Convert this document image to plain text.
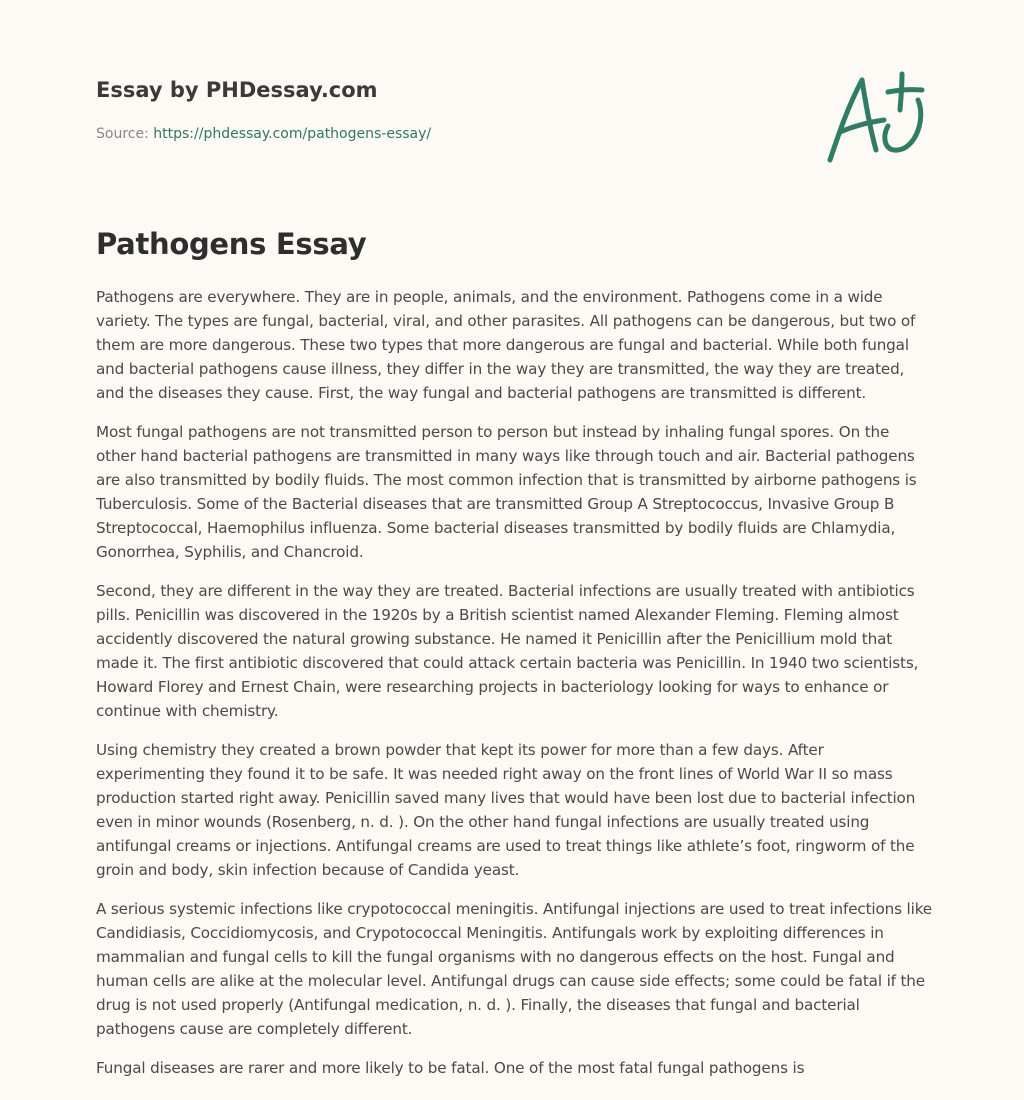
Essay by PHDessay.com
Source: https://phdessay.com/pathogens-essay/
Pathogens Essay

Pathogens are everywhere. They are in people, animals, and the environment. Pathogens come in a wide variety. The types are fungal, bacterial, viral, and other parasites. All pathogens can be dangerous, but two of them are more dangerous. These two types that more dangerous are fungal and bacterial. While both fungal and bacterial pathogens cause illness, they differ in the way they are transmitted, the way they are treated, and the diseases they cause. First, the way fungal and bacterial pathogens are transmitted is different.

Most fungal pathogens are not transmitted person to person but instead by inhaling fungal spores. On the other hand bacterial pathogens are transmitted in many ways like through touch and air. Bacterial pathogens are also transmitted by bodily fluids. The most common infection that is transmitted by airborne pathogens is Tuberculosis. Some of the Bacterial diseases that are transmitted Group A Streptococcus, Invasive Group B Streptococcal, Haemophilus influenza. Some bacterial diseases transmitted by bodily fluids are Chlamydia, Gonorrhea, Syphilis, and Chancroid.

Second, they are different in the way they are treated. Bacterial infections are usually treated with antibiotics pills. Penicillin was discovered in the 1920s by a British scientist named Alexander Fleming. Fleming almost accidently discovered the natural growing substance. He named it Penicillin after the Penicillium mold that made it. The first antibiotic discovered that could attack certain bacteria was Penicillin. In 1940 two scientists, Howard Florey and Ernest Chain, were researching projects in bacteriology looking for ways to enhance or continue with chemistry.

Using chemistry they created a brown powder that kept its power for more than a few days. After experimenting they found it to be safe. It was needed right away on the front lines of World War II so mass production started right away. Penicillin saved many lives that would have been lost due to bacterial infection even in minor wounds (Rosenberg, n. d. ). On the other hand fungal infections are usually treated using antifungal creams or injections. Antifungal creams are used to treat things like athlete’s foot, ringworm of the groin and body, skin infection because of Candida yeast.

A serious systemic infections like crypotococcal meningitis. Antifungal injections are used to treat infections like Candidiasis, Coccidiomycosis, and Crypotococcal Meningitis. Antifungals work by exploiting differences in mammalian and fungal cells to kill the fungal organisms with no dangerous effects on the host. Fungal and human cells are alike at the molecular level. Antifungal drugs can cause side effects; some could be fatal if the drug is not used properly (Antifungal medication, n. d. ). Finally, the diseases that fungal and bacterial pathogens cause are completely different.

Fungal diseases are rarer and more likely to be fatal. One of the most fatal fungal pathogens is
